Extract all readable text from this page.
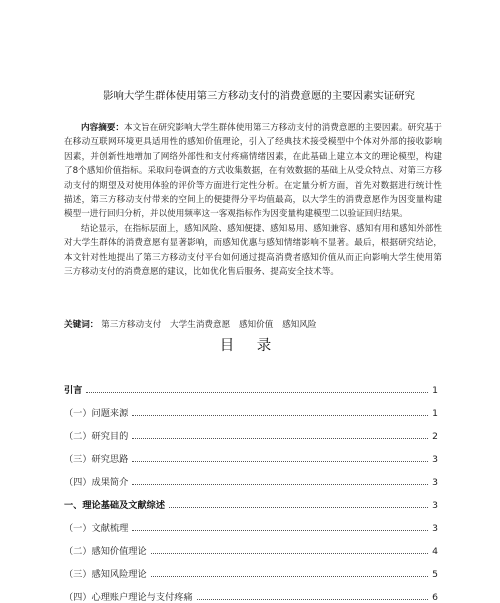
影响大学生群体使用第三方移动支付的消费意愿的主要因素实证研究

内容摘要：本文旨在研究影响大学生群体使用第三方移动支付的消费意愿的主要因素。研究基于在移动互联网环境更具适用性的感知价值理论，引入了经典技术接受模型中个体对外部的接收影响因素，并创新性地增加了网络外部性和支付疼痛情绪因素，在此基础上建立本文的理论模型，构建了8个感知价值指标。采取问卷调查的方式收集数据，在有效数据的基础上从受众特点、对第三方移动支付的期望及对使用体验的评价等方面进行定性分析。在定量分析方面，首先对数据进行统计性描述，第三方移动支付带来的空间上的便捷得分平均值最高，以大学生的消费意愿作为因变量构建模型一进行回归分析，并以使用频率这一客观指标作为因变量构建模型二以验证回归结果。

结论显示，在指标层面上，感知风险、感知便捷、感知易用、感知兼容、感知有用和感知外部性对大学生群体的消费意愿有显著影响，而感知优惠与感知情绪影响不显著。最后，根据研究结论，本文针对性地提出了第三方移动支付平台如何通过提高消费者感知价值从而正向影响大学生使用第三方移动支付的消费意愿的建议，比如优化售后服务、提高安全技术等。

关键词： 第三方移动支付 大学生消费意愿 感知价值 感知风险
目 录
引言	1
（一）问题来源	1
（二）研究目的	2
（三）研究思路	3
（四）成果简介	3
一、理论基础及文献综述	3
（一）文献梳理	3
（二）感知价值理论	4
（三）感知风险理论	5
（四）心理账户理论与支付疼痛	6
